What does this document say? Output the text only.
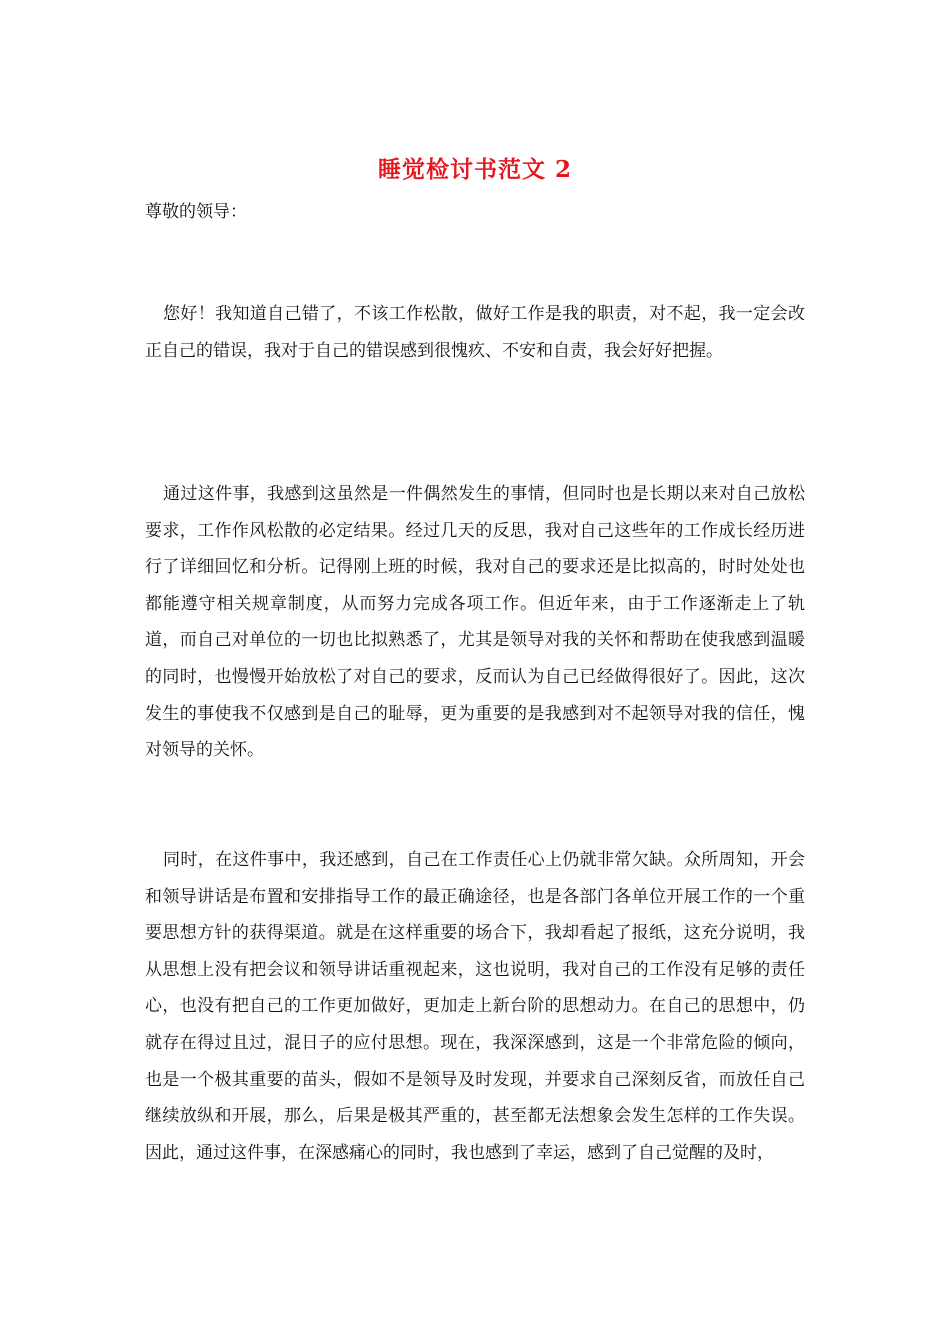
睡觉检讨书范文 2
尊敬的领导：
您好！我知道自己错了，不该工作松散，做好工作是我的职责，对不起，我一定会改正自己的错误，我对于自己的错误感到很愧疚、不安和自责，我会好好把握。
通过这件事，我感到这虽然是一件偶然发生的事情，但同时也是长期以来对自己放松要求，工作作风松散的必定结果。经过几天的反思，我对自己这些年的工作成长经历进行了详细回忆和分析。记得刚上班的时候，我对自己的要求还是比拟高的，时时处处也都能遵守相关规章制度，从而努力完成各项工作。但近年来，由于工作逐渐走上了轨道，而自己对单位的一切也比拟熟悉了，尤其是领导对我的关怀和帮助在使我感到温暖的同时，也慢慢开始放松了对自己的要求，反而认为自己已经做得很好了。因此，这次发生的事使我不仅感到是自己的耻辱，更为重要的是我感到对不起领导对我的信任，愧对领导的关怀。
同时，在这件事中，我还感到，自己在工作责任心上仍就非常欠缺。众所周知，开会和领导讲话是布置和安排指导工作的最正确途径，也是各部门各单位开展工作的一个重要思想方针的获得渠道。就是在这样重要的场合下，我却看起了报纸，这充分说明，我从思想上没有把会议和领导讲话重视起来，这也说明，我对自己的工作没有足够的责任心，也没有把自己的工作更加做好，更加走上新台阶的思想动力。在自己的思想中，仍就存在得过且过，混日子的应付思想。现在，我深深感到，这是一个非常危险的倾向，也是一个极其重要的苗头，假如不是领导及时发现，并要求自己深刻反省，而放任自己继续放纵和开展，那么，后果是极其严重的，甚至都无法想象会发生怎样的工作失误。因此，通过这件事，在深感痛心的同时，我也感到了幸运，感到了自己觉醒的及时，
